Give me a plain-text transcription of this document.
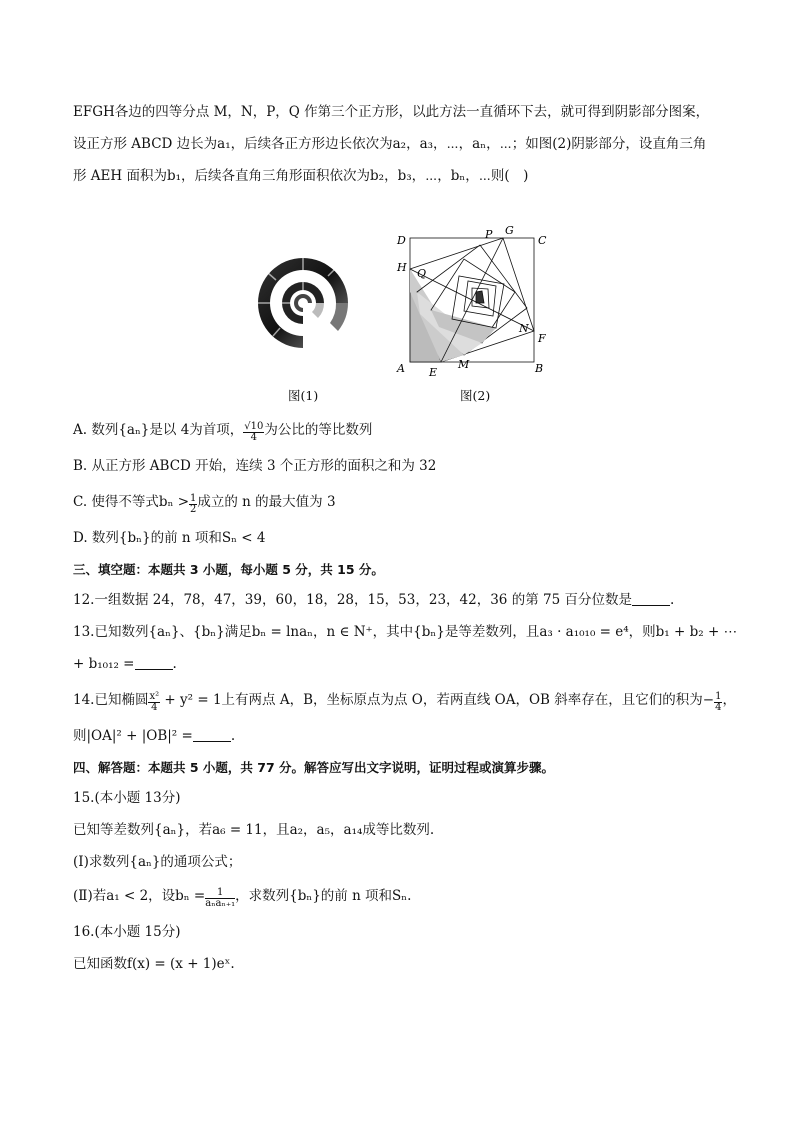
EFGH各边的四等分点 M，N，P，Q 作第三个正方形，以此方法一直循环下去，就可得到阴影部分图案，
设正方形 ABCD 边长为a₁，后续各正方形边长依次为a₂，a₃，⋯，aₙ，⋯；如图(2)阴影部分，设直角三角
形 AEH 面积为b₁，后续各直角三角形面积依次为b₂，b₃，⋯，bₙ，⋯则(　)
D	P G
C
H Q
N
F
A E
M	B
图(1)	图(2)
A. 数列{aₙ}是以 4为首项， $\frac{√10}{4}$ 为公比的等比数列
B. 从正方形 ABCD 开始，连续 3 个正方形的面积之和为 32
C. 使得不等式$b_n > \frac{1}{2}$ 成立的 n 的最大值为 3
D. 数列{bₙ}的前 n 项和Sₙ < 4
三、填空题：本题共 3 小题，每小题 5 分，共 15 分。
12.一组数据 24，78，47，39，60，18，28，15，53，23，42，36 的第 75 百分位数是	.
13.已知数列{aₙ}、{bₙ}满足bₙ = lnaₙ，n ∈ N⁺，其中{bₙ}是等差数列，且a₃ · a₁₀₁₀ = e⁴，则b₁ + b₂ + ⋯
+ b₁₀₁₂ =	.
14.已知椭圆 $\frac{\text{x²}}{4} + y^2 = 1$上有两点 A，B，坐标原点为点 O，若两直线 OA，OB 斜率存在，且它们的积为− $\frac{1}{4}$ ，
则|OA|² + |OB|² =	.
四、解答题：本题共 5 小题，共 77 分。解答应写出文字说明，证明过程或演算步骤。
15.(本小题 13分)
已知等差数列{aₙ}，若a₆ = 11，且a₂，a₅，a₁₄成等比数列.
(Ⅰ)求数列{aₙ}的通项公式；
(Ⅱ)若a₁ < 2，设$b_n = \frac{1}{\text{aₙaₙ₊₁}}$ ，求数列{bₙ}的前 n 项和Sₙ.
16.(本小题 15分)
已知函数f(x) = (x + 1)eˣ.
